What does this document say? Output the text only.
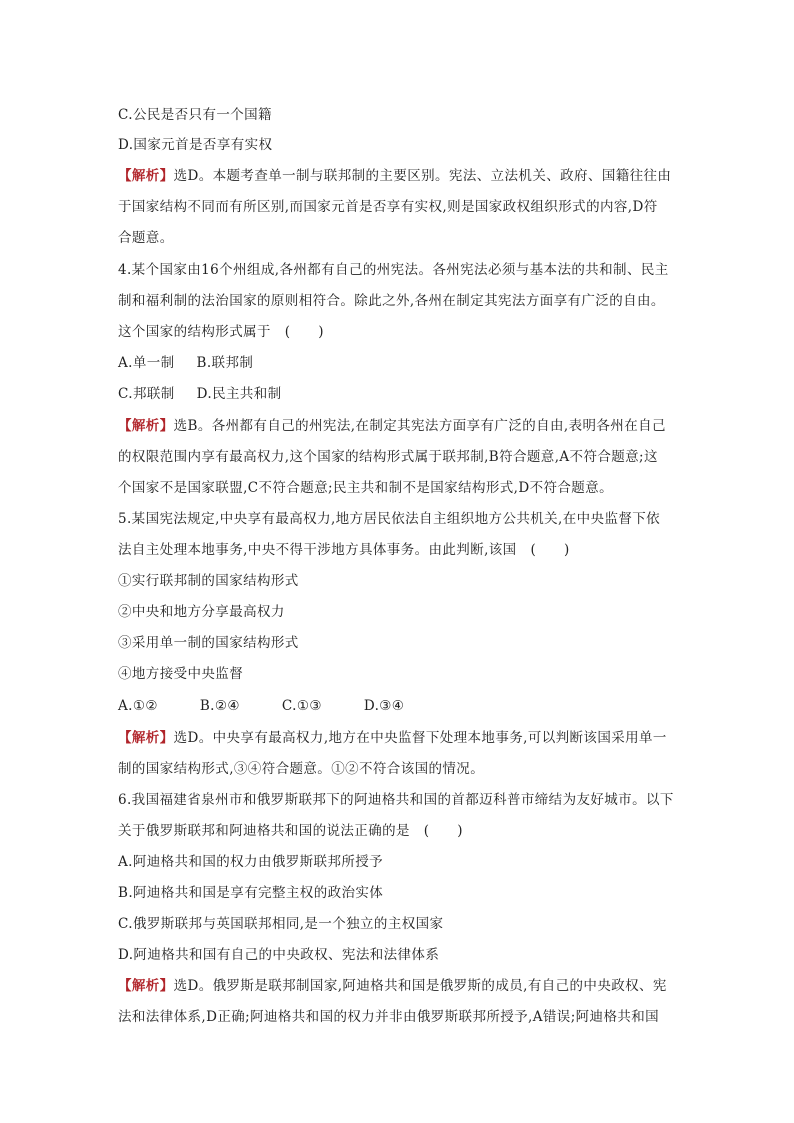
C.公民是否只有一个国籍
D.国家元首是否享有实权
【解析】选D。本题考查单一制与联邦制的主要区别。宪法、立法机关、政府、国籍往往由
于国家结构不同而有所区别,而国家元首是否享有实权,则是国家政权组织形式的内容,D符
合题意。
4.某个国家由16个州组成,各州都有自己的州宪法。各州宪法必须与基本法的共和制、民主
制和福利制的法治国家的原则相符合。除此之外,各州在制定其宪法方面享有广泛的自由。
这个国家的结构形式属于　(　　)
A.单一制 B.联邦制
C.邦联制 D.民主共和制
【解析】选B。各州都有自己的州宪法,在制定其宪法方面享有广泛的自由,表明各州在自己
的权限范围内享有最高权力,这个国家的结构形式属于联邦制,B符合题意,A不符合题意;这
个国家不是国家联盟,C不符合题意;民主共和制不是国家结构形式,D不符合题意。
5.某国宪法规定,中央享有最高权力,地方居民依法自主组织地方公共机关,在中央监督下依
法自主处理本地事务,中央不得干涉地方具体事务。由此判断,该国　(　　)
①实行联邦制的国家结构形式
②中央和地方分享最高权力
③采用单一制的国家结构形式
④地方接受中央监督
A.①②	B.②④	C.①③	D.③④
【解析】选D。中央享有最高权力,地方在中央监督下处理本地事务,可以判断该国采用单一
制的国家结构形式,③④符合题意。①②不符合该国的情况。
6.我国福建省泉州市和俄罗斯联邦下的阿迪格共和国的首都迈科普市缔结为友好城市。以下
关于俄罗斯联邦和阿迪格共和国的说法正确的是　(　　)
A.阿迪格共和国的权力由俄罗斯联邦所授予
B.阿迪格共和国是享有完整主权的政治实体
C.俄罗斯联邦与英国联邦相同,是一个独立的主权国家
D.阿迪格共和国有自己的中央政权、宪法和法律体系
【解析】选D。俄罗斯是联邦制国家,阿迪格共和国是俄罗斯的成员,有自己的中央政权、宪
法和法律体系,D正确;阿迪格共和国的权力并非由俄罗斯联邦所授予,A错误;阿迪格共和国
